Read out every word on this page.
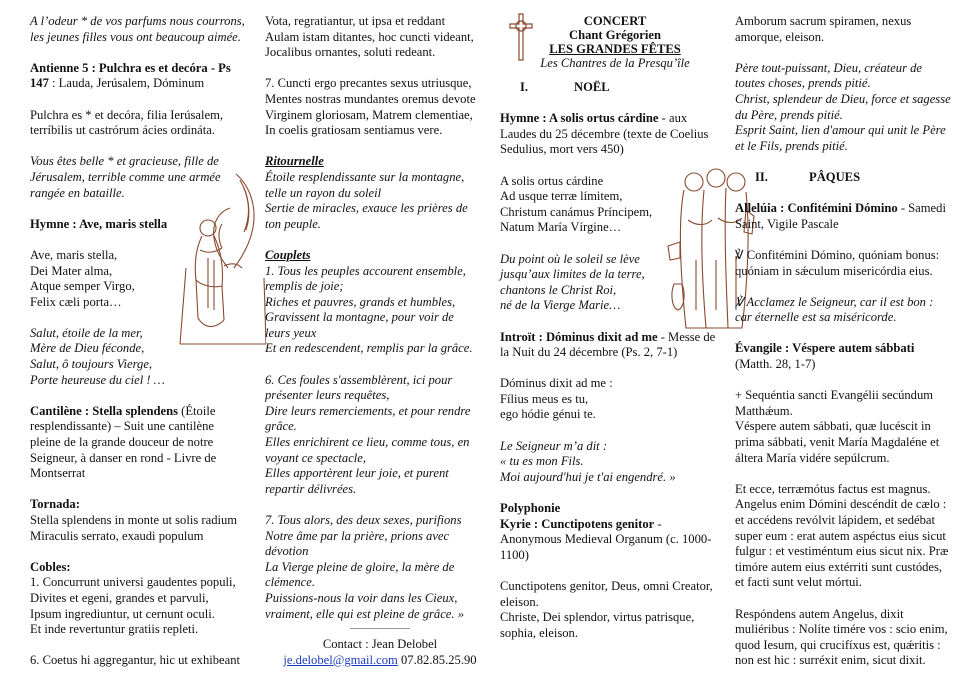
A l’odeur * de vos parfums nous courrons,

les jeunes filles vous ont beaucoup aimée.

Antienne 5 : Pulchra es et decóra - Ps

147 : Lauda, Jerúsalem, Dóminum

Pulchra es * et decóra, filia Ierúsalem,

terríbilis ut castrórum ácies ordináta.

Vous êtes belle * et gracieuse, fille de

Jérusalem, terrible comme une armée

rangée en bataille.

Hymne : Ave, maris stella

Ave, maris stella,

Dei Mater alma,

Atque semper Virgo,

Felix cæli porta…

Salut, étoile de la mer,

Mère de Dieu féconde,

Salut, ô toujours Vierge,

Porte heureuse du ciel ! …

Cantilène : Stella splendens (Étoile

resplendissante) – Suit une cantilène

pleine de la grande douceur de notre

Seigneur, à danser en rond - Livre de

Montserrat

Tornada:

Stella splendens in monte ut solis radium

Miraculis serrato, exaudi populum

Cobles:

1. Concurrunt universi gaudentes populi,

Divites et egeni, grandes et parvuli,

Ipsum ingrediuntur, ut cernunt oculi.

Et inde revertuntur gratiis repleti.

6. Coetus hi aggregantur, hic ut exhibeant

Vota, regratiantur, ut ipsa et reddant

Aulam istam ditantes, hoc cuncti videant,

Jocalibus ornantes, soluti redeant.

7. Cuncti ergo precantes sexus utriusque,

Mentes nostras mundantes oremus devote

Virginem gloriosam, Matrem clementiae,

In coelis gratiosam sentiamus vere.

Ritournelle

Étoile resplendissante sur la montagne,

telle un rayon du soleil

Sertie de miracles, exauce les prières de

ton peuple.

Couplets

1. Tous les peuples accourent ensemble,

remplis de joie;

Riches et pauvres, grands et humbles,

Gravissent la montagne, pour voir de

leurs yeux

Et en redescendent, remplis par la grâce.

6. Ces foules s'assemblèrent, ici pour

présenter leurs requêtes,

Dire leurs remerciements, et pour rendre

grâce.

Elles enrichirent ce lieu, comme tous, en

voyant ce spectacle,

Elles apportèrent leur joie, et purent

repartir délivrées.

7. Tous alors, des deux sexes, purifions

Notre âme par la prière, prions avec

dévotion

La Vierge pleine de gloire, la mère de

clémence.

Puissions-nous la voir dans les Cieux,

vraiment, elle qui est pleine de grâce. »

Contact : Jean Delobel

je.delobel@gmail.com 07.82.85.25.90

CONCERT

Chant Grégorien

LES GRANDES FÊTES

Les Chantres de la Presqu’île

I.	NOËL

Hymne : A solis ortus cárdine - aux

Laudes du 25 décembre (texte de Coelius

Sedulius, mort vers 450)

A solis ortus cárdine

Ad usque terræ límitem,

Christum canámus Príncipem,

Natum María Vírgine…

Du point où le soleil se lève

jusqu’aux limites de la terre,

chantons le Christ Roi,

né de la Vierge Marie…

Introït : Dóminus dixit ad me - Messe de

la Nuit du 24 décembre (Ps. 2, 7-1)

Dóminus dixit ad me :

Fílius meus es tu,

ego hódie génui te.

Le Seigneur m’a dit :

« tu es mon Fils.

Moi aujourd'hui je t'ai engendré. »

Polyphonie

Kyrie : Cunctipotens genitor -

Anonymous Medieval Organum (c. 1000-

1100)

Cunctipotens genitor, Deus, omni Creator,

eleison.

Christe, Dei splendor, virtus patrisque,

sophia, eleison.

Amborum sacrum spiramen, nexus

amorque, eleison.

Père tout-puissant, Dieu, créateur de

toutes choses, prends pitié.

Christ, splendeur de Dieu, force et sagesse

du Père, prends pitié.

Esprit Saint, lien d'amour qui unit le Père

et le Fils, prends pitié.

II.	PÂQUES

Allelúia : Confitémini Dómino - Samedi

Saint, Vigile Pascale

℣ Confitémini Dómino, quóniam bonus:

quóniam in sǽculum misericórdia eius.

℣ Acclamez le Seigneur, car il est bon :

car éternelle est sa miséricorde.

Évangile : Véspere autem sábbati

(Matth. 28, 1-7)

+ Sequéntia sancti Evangélii secúndum

Matthǽum.

Véspere autem sábbati, quæ lucéscit in

prima sábbati, venit María Magdaléne et

áltera María vidére sepúlcrum.

Et ecce, terræmótus factus est magnus.

Angelus enim Dómini descéndit de cælo :

et accédens revólvit lápidem, et sedébat

super eum : erat autem aspéctus eius sicut

fulgur : et vestiméntum eius sicut nix. Præ

timóre autem eius extérriti sunt custódes,

et facti sunt velut mórtui.

Respóndens autem Angelus, dixit

muliéribus : Nolíte timére vos : scio enim,

quod Iesum, qui crucifíxus est, quǽritis :

non est hic : surréxit enim, sicut dixit.
